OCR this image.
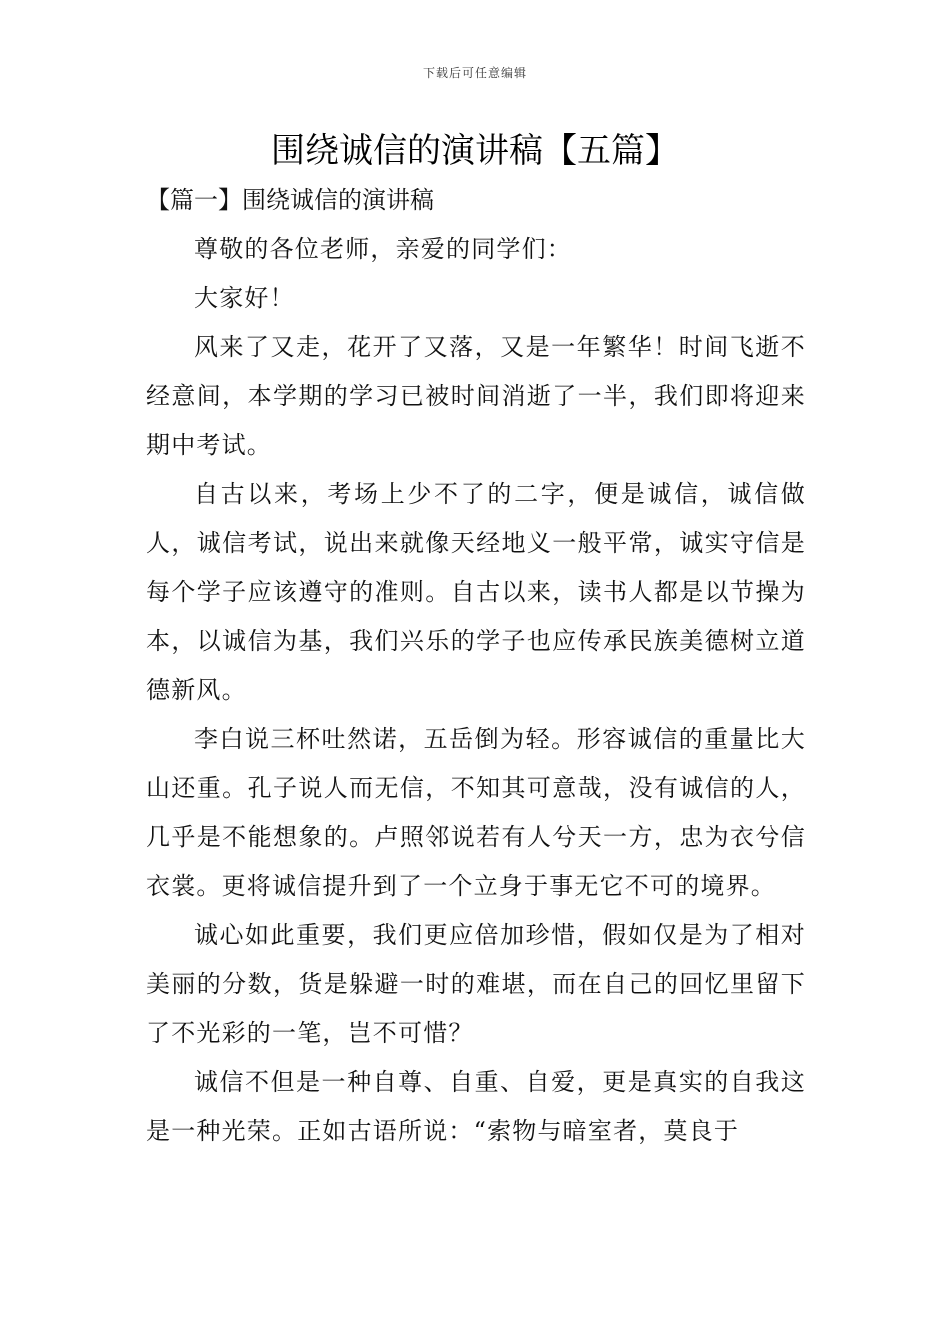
下载后可任意编辑
围绕诚信的演讲稿【五篇】
【篇一】围绕诚信的演讲稿

尊敬的各位老师，亲爱的同学们：

大家好！

风来了又走，花开了又落，又是一年繁华！时间飞逝不经意间，本学期的学习已被时间消逝了一半，我们即将迎来期中考试。

自古以来，考场上少不了的二字，便是诚信，诚信做人，诚信考试，说出来就像天经地义一般平常，诚实守信是每个学子应该遵守的准则。自古以来，读书人都是以节操为本，以诚信为基，我们兴乐的学子也应传承民族美德树立道德新风。

李白说三杯吐然诺，五岳倒为轻。形容诚信的重量比大山还重。孔子说人而无信，不知其可意哉，没有诚信的人，几乎是不能想象的。卢照邻说若有人兮天一方，忠为衣兮信衣裳。更将诚信提升到了一个立身于事无它不可的境界。

诚心如此重要，我们更应倍加珍惜，假如仅是为了相对美丽的分数，货是躲避一时的难堪，而在自己的回忆里留下了不光彩的一笔，岂不可惜？

诚信不但是一种自尊、自重、自爱，更是真实的自我这是一种光荣。正如古语所说：“索物与暗室者，莫良于
